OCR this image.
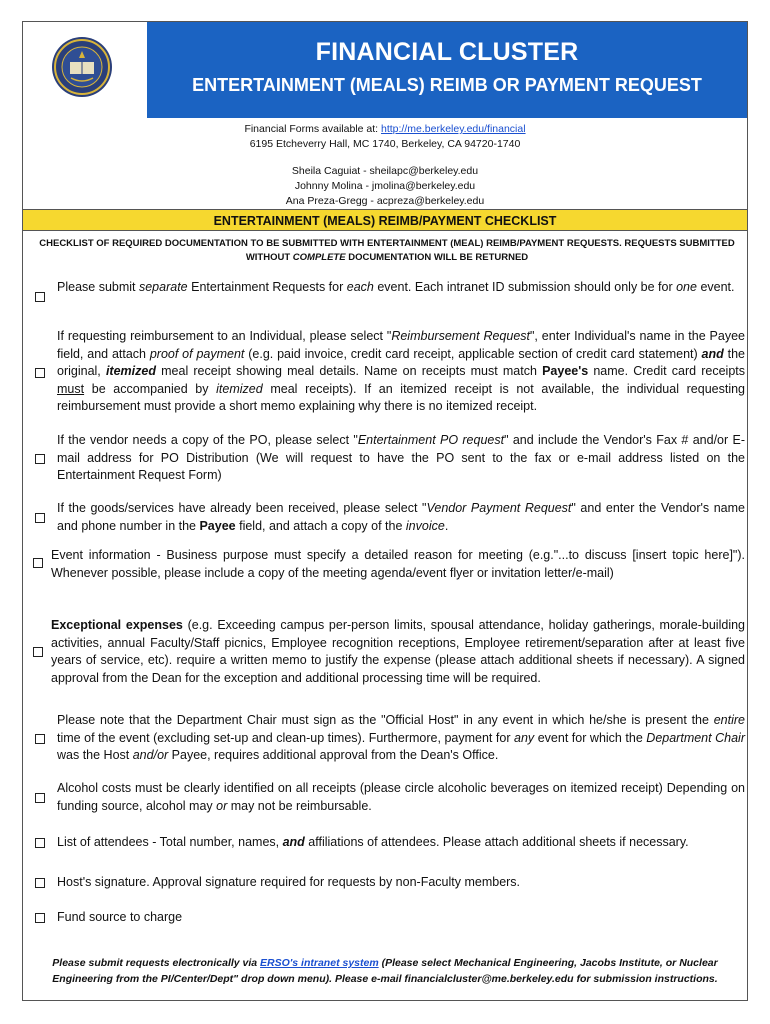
FINANCIAL CLUSTER
ENTERTAINMENT (MEALS) REIMB OR PAYMENT REQUEST
Financial Forms available at: http://me.berkeley.edu/financial
6195 Etcheverry Hall, MC 1740, Berkeley, CA 94720-1740
Sheila Caguiat - sheilapc@berkeley.edu
Johnny Molina - jmolina@berkeley.edu
Ana Preza-Gregg - acpreza@berkeley.edu
ENTERTAINMENT (MEALS) REIMB/PAYMENT CHECKLIST
CHECKLIST OF REQUIRED DOCUMENTATION TO BE SUBMITTED WITH ENTERTAINMENT (MEAL) REIMB/PAYMENT REQUESTS. REQUESTS SUBMITTED WITHOUT COMPLETE DOCUMENTATION WILL BE RETURNED
Please submit separate Entertainment Requests for each event. Each intranet ID submission should only be for one event.
If requesting reimbursement to an Individual, please select "Reimbursement Request", enter Individual's name in the Payee field, and attach proof of payment (e.g. paid invoice, credit card receipt, applicable section of credit card statement) and the original, itemized meal receipt showing meal details. Name on receipts must match Payee's name. Credit card receipts must be accompanied by itemized meal receipts). If an itemized receipt is not available, the individual requesting reimbursement must provide a short memo explaining why there is no itemized receipt.
If the vendor needs a copy of the PO, please select "Entertainment PO request" and include the Vendor's Fax # and/or E-mail address for PO Distribution (We will request to have the PO sent to the fax or e-mail address listed on the Entertainment Request Form)
If the goods/services have already been received, please select "Vendor Payment Request" and enter the Vendor's name and phone number in the Payee field, and attach a copy of the invoice.
Event information - Business purpose must specify a detailed reason for meeting (e.g."...to discuss [insert topic here]"). Whenever possible, please include a copy of the meeting agenda/event flyer or invitation letter/e-mail)
Exceptional expenses (e.g. Exceeding campus per-person limits, spousal attendance, holiday gatherings, morale-building activities, annual Faculty/Staff picnics, Employee recognition receptions, Employee retirement/separation after at least five years of service, etc). require a written memo to justify the expense (please attach additional sheets if necessary). A signed approval from the Dean for the exception and additional processing time will be required.
Please note that the Department Chair must sign as the "Official Host" in any event in which he/she is present the entire time of the event (excluding set-up and clean-up times). Furthermore, payment for any event for which the Department Chair was the Host and/or Payee, requires additional approval from the Dean's Office.
Alcohol costs must be clearly identified on all receipts (please circle alcoholic beverages on itemized receipt) Depending on funding source, alcohol may or may not be reimbursable.
List of attendees - Total number, names, and affiliations of attendees. Please attach additional sheets if necessary.
Host's signature. Approval signature required for requests by non-Faculty members.
Fund source to charge
Please submit requests electronically via ERSO's intranet system (Please select Mechanical Engineering, Jacobs Institute, or Nuclear Engineering from the PI/Center/Dept" drop down menu). Please e-mail financialcluster@me.berkeley.edu for submission instructions.
